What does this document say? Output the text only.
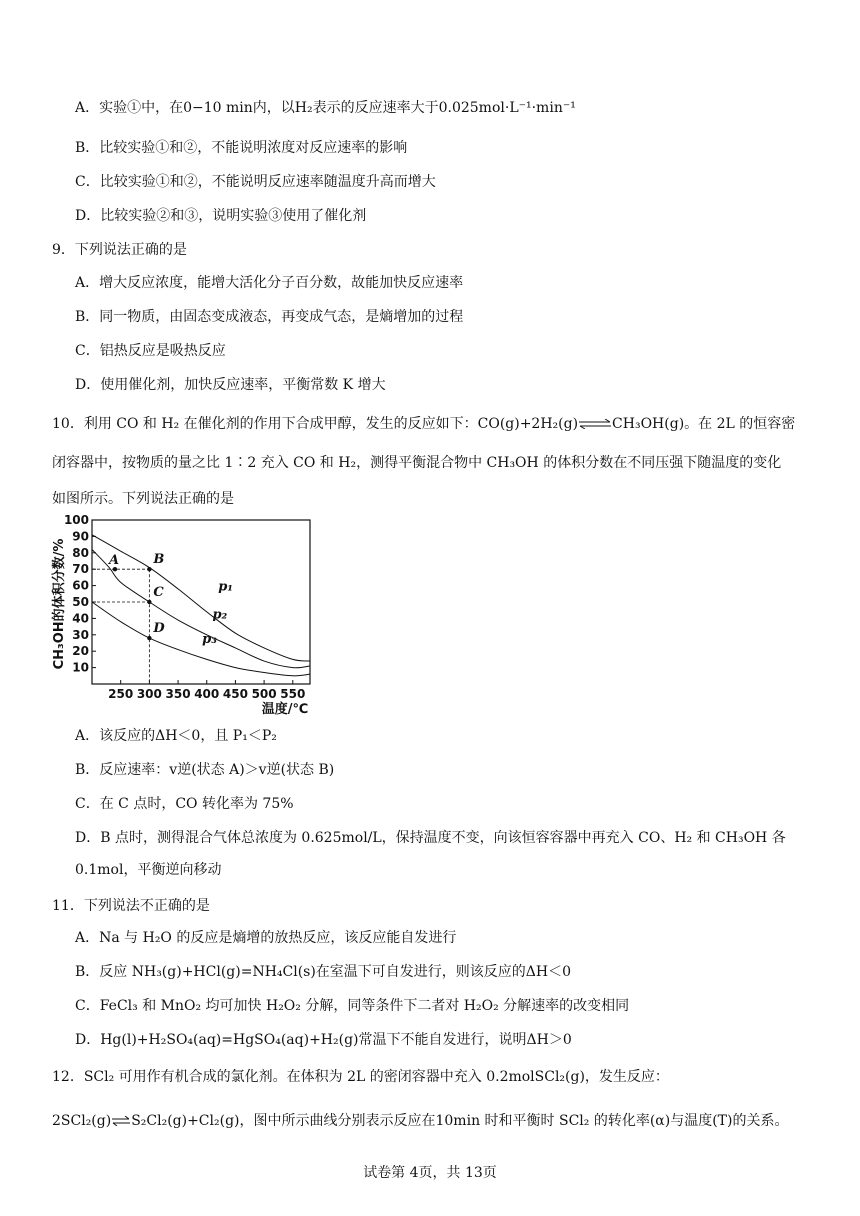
A．实验①中，在0−10 min内，以H₂表示的反应速率大于0.025mol·L⁻¹·min⁻¹
B．比较实验①和②，不能说明浓度对反应速率的影响
C．比较实验①和②，不能说明反应速率随温度升高而增大
D．比较实验②和③，说明实验③使用了催化剂
9．下列说法正确的是
A．增大反应浓度，能增大活化分子百分数，故能加快反应速率
B．同一物质，由固态变成液态，再变成气态，是熵增加的过程
C．铝热反应是吸热反应
D．使用催化剂，加快反应速率，平衡常数 K 增大
10．利用 CO 和 H₂ 在催化剂的作用下合成甲醇，发生的反应如下：CO(g)+2H₂(g)⇌CH₃OH(g)。在 2L 的恒容密
闭容器中，按物质的量之比 1∶2 充入 CO 和 H₂，测得平衡混合物中 CH₃OH 的体积分数在不同压强下随温度的变化
如图所示。下列说法正确的是
CH₃OH的体积分数/%
温度/℃
10
20
30
40
50
60
70
80
90
100
250 300 350 400 450 500 550
p₁
p₂
p₃
A	B
C
D
A．该反应的ΔH＜0，且 P₁＜P₂
B．反应速率：v逆(状态 A)＞v逆(状态 B)
C．在 C 点时，CO 转化率为 75%
D．B 点时，测得混合气体总浓度为 0.625mol/L，保持温度不变，向该恒容容器中再充入 CO、H₂ 和 CH₃OH 各
0.1mol，平衡逆向移动
11．下列说法不正确的是
A．Na 与 H₂O 的反应是熵增的放热反应，该反应能自发进行
B．反应 NH₃(g)+HCl(g)=NH₄Cl(s)在室温下可自发进行，则该反应的ΔH＜0
C．FeCl₃ 和 MnO₂ 均可加快 H₂O₂ 分解，同等条件下二者对 H₂O₂ 分解速率的改变相同
D．Hg(l)+H₂SO₄(aq)=HgSO₄(aq)+H₂(g)常温下不能自发进行，说明ΔH＞0
12．SCl₂ 可用作有机合成的氯化剂。在体积为 2L 的密闭容器中充入 0.2molSCl₂(g)，发生反应：
2SCl₂(g)⇌S₂Cl₂(g)+Cl₂(g)，图中所示曲线分别表示反应在10min 时和平衡时 SCl₂ 的转化率(α)与温度(T)的关系。
试卷第 4页，共 13页
